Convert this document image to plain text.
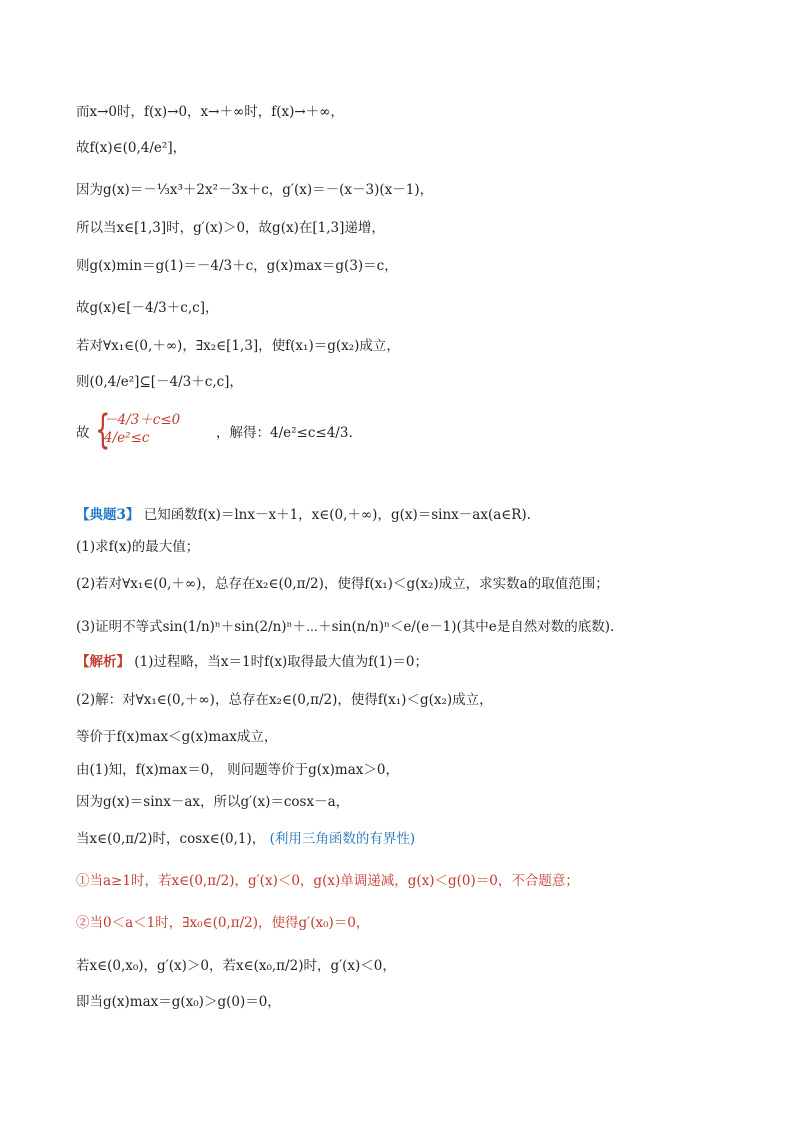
而x→0时，f(x)→0，x→＋∞时，f(x)→＋∞，
故f(x)∈(0,4/e²]，
因为g(x)＝－⅓x³＋2x²－3x＋c，g′(x)＝－(x－3)(x－1)，
所以当x∈[1,3]时，g′(x)＞0，故g(x)在[1,3]递增，
则g(x)min＝g(1)＝－4/3＋c，g(x)max＝g(3)＝c，
故g(x)∈[－4/3＋c,c]，
若对∀x₁∈(0,＋∞)，∃x₂∈[1,3]，使f(x₁)＝g(x₂)成立，
则(0,4/e²]⊆[－4/3＋c,c]，
故 {
－4/3＋c≤0
4/e²≤c	，解得：4/e²≤c≤4/3.
【典题3】 已知函数f(x)＝lnx－x＋1，x∈(0,＋∞)，g(x)＝sinx－ax(a∈R).
(1)求f(x)的最大值；
(2)若对∀x₁∈(0,＋∞)，总存在x₂∈(0,π/2)，使得f(x₁)＜g(x₂)成立，求实数a的取值范围；
(3)证明不等式sin(1/n)ⁿ＋sin(2/n)ⁿ＋⋯＋sin(n/n)ⁿ＜e/(e－1)(其中e是自然对数的底数).
【解析】 (1)过程略，当x＝1时f(x)取得最大值为f(1)＝0；
(2)解：对∀x₁∈(0,＋∞)，总存在x₂∈(0,π/2)，使得f(x₁)＜g(x₂)成立，
等价于f(x)max＜g(x)max成立，
由(1)知，f(x)max＝0， 则问题等价于g(x)max＞0，
因为g(x)＝sinx－ax，所以g′(x)＝cosx－a，
当x∈(0,π/2)时，cosx∈(0,1)， (利用三角函数的有界性)
①当a≥1时，若x∈(0,π/2)，g′(x)＜0，g(x)单调递减，g(x)＜g(0)＝0，不合题意；
②当0＜a＜1时，∃x₀∈(0,π/2)，使得g′(x₀)＝0，
若x∈(0,x₀)，g′(x)＞0，若x∈(x₀,π/2)时，g′(x)＜0，
即当g(x)max＝g(x₀)＞g(0)＝0，
